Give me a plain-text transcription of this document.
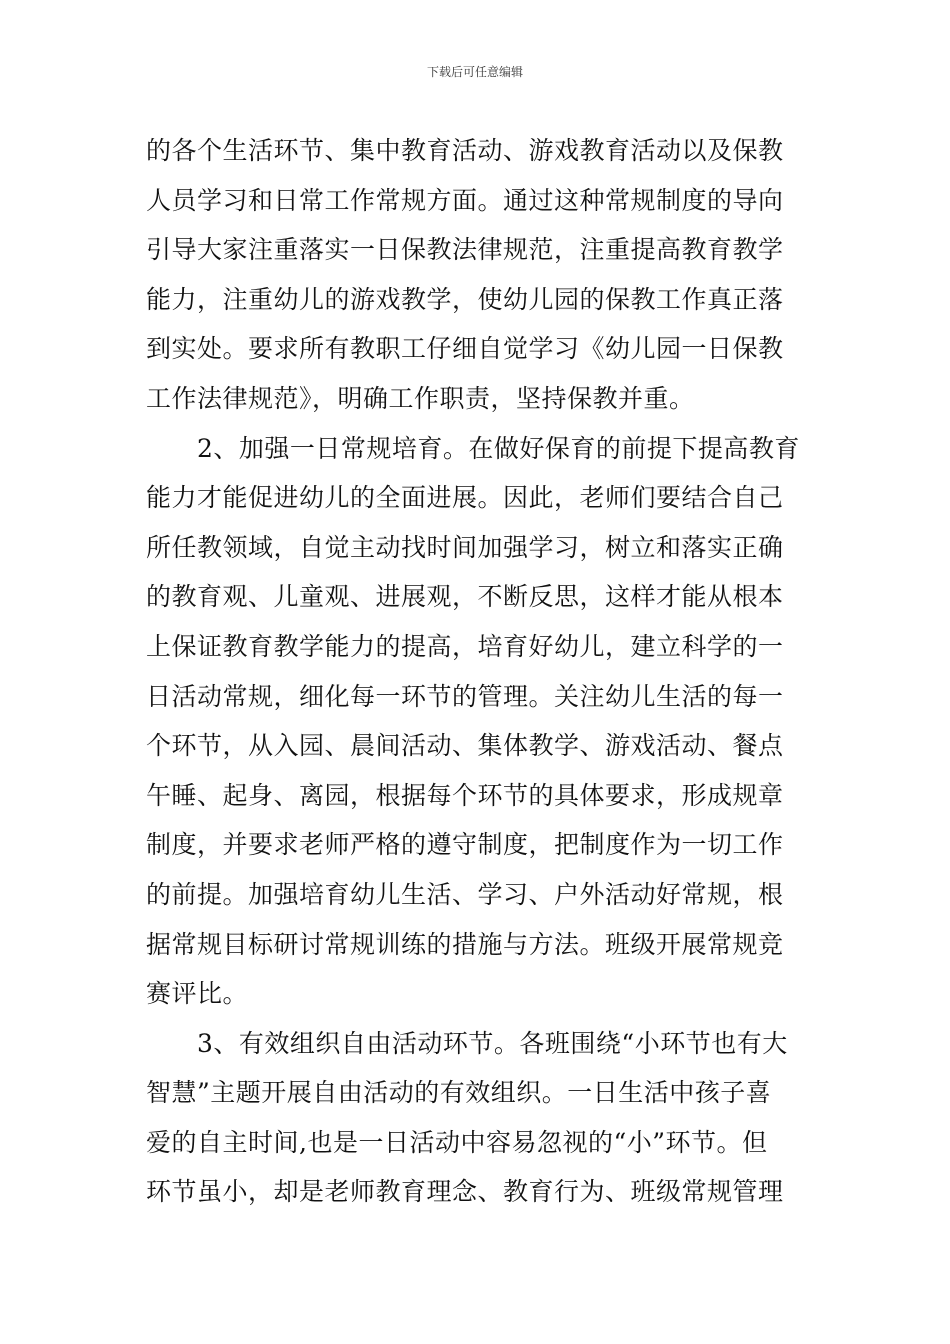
下载后可任意编辑
的各个生活环节、集中教育活动、游戏教育活动以及保教
人员学习和日常工作常规方面。通过这种常规制度的导向
引导大家注重落实一日保教法律规范，注重提高教育教学
能力，注重幼儿的游戏教学，使幼儿园的保教工作真正落
到实处。要求所有教职工仔细自觉学习《幼儿园一日保教
工作法律规范》，明确工作职责，坚持保教并重。
　　2、加强一日常规培育。在做好保育的前提下提高教育
能力才能促进幼儿的全面进展。因此，老师们要结合自己
所任教领域，自觉主动找时间加强学习，树立和落实正确
的教育观、儿童观、进展观，不断反思，这样才能从根本
上保证教育教学能力的提高，培育好幼儿，建立科学的一
日活动常规，细化每一环节的管理。关注幼儿生活的每一
个环节，从入园、晨间活动、集体教学、游戏活动、餐点
午睡、起身、离园，根据每个环节的具体要求，形成规章
制度，并要求老师严格的遵守制度，把制度作为一切工作
的前提。加强培育幼儿生活、学习、户外活动好常规，根
据常规目标研讨常规训练的措施与方法。班级开展常规竞
赛评比。
　　3、有效组织自由活动环节。各班围绕“小环节也有大
智慧”主题开展自由活动的有效组织。一日生活中孩子喜
爱的自主时间,也是一日活动中容易忽视的“小”环节。但
环节虽小，却是老师教育理念、教育行为、班级常规管理
